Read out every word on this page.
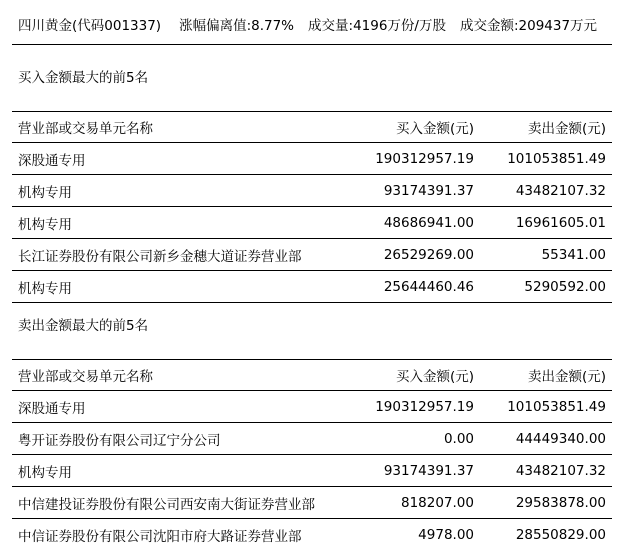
四川黄金(代码001337) 涨幅偏离值:8.77% 成交量:4196万份/万股 成交金额:209437万元
买入金额最大的前5名
营业部或交易单元名称	买入金额(元)	卖出金额(元)
深股通专用	190312957.19	101053851.49
机构专用	93174391.37	43482107.32
机构专用	48686941.00	16961605.01
长江证券股份有限公司新乡金穗大道证券营业部	26529269.00	55341.00
机构专用	25644460.46	5290592.00
卖出金额最大的前5名
营业部或交易单元名称	买入金额(元)	卖出金额(元)
深股通专用	190312957.19	101053851.49
粤开证券股份有限公司辽宁分公司	0.00	44449340.00
机构专用	93174391.37	43482107.32
中信建投证券股份有限公司西安南大街证券营业部	818207.00	29583878.00
中信证券股份有限公司沈阳市府大路证券营业部	4978.00	28550829.00
